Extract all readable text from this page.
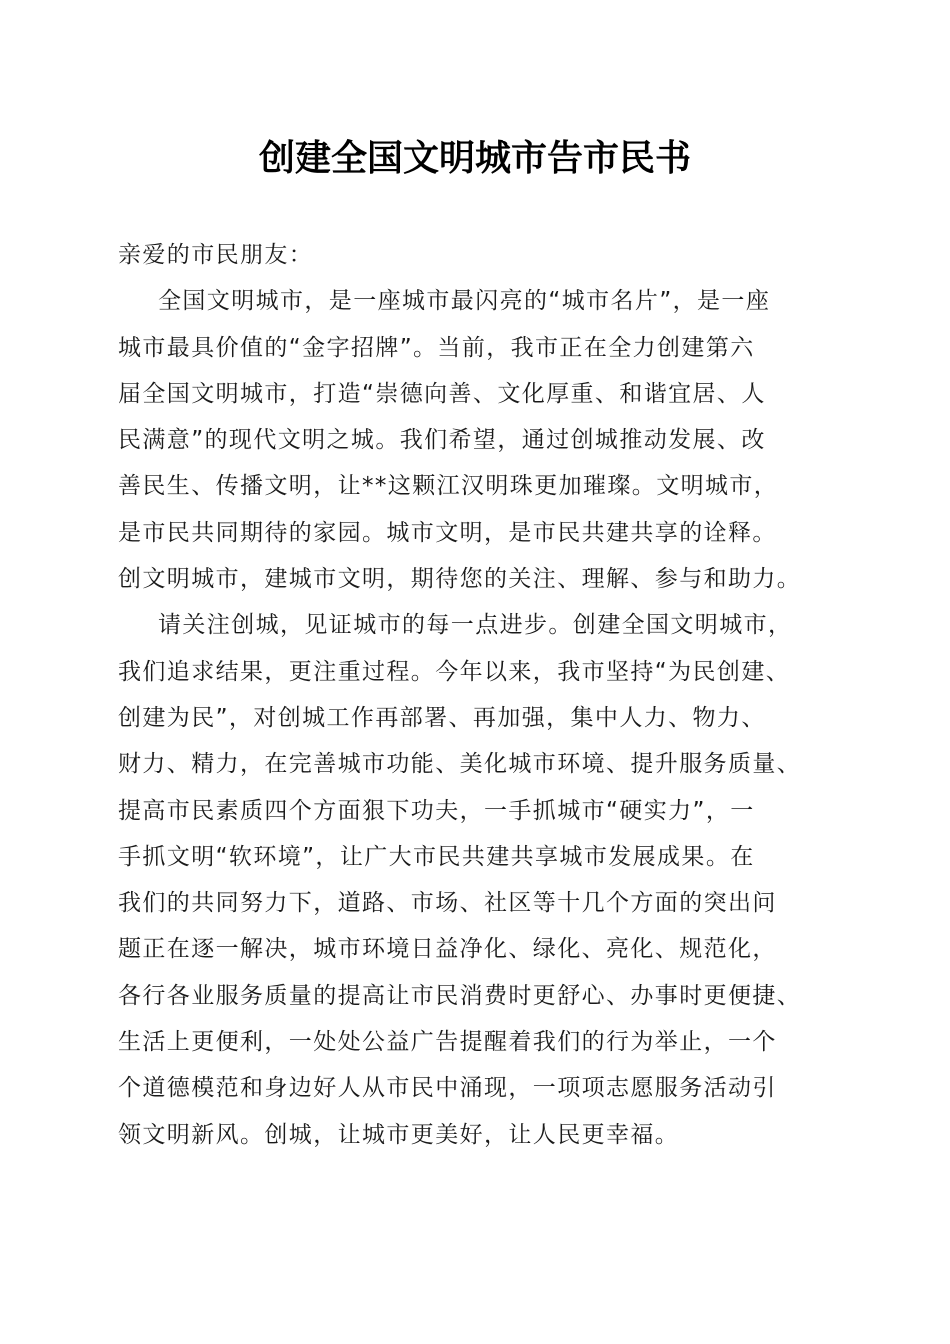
创建全国文明城市告市民书
亲爱的市民朋友：
全国文明城市，是一座城市最闪亮的“城市名片”，是一座
城市最具价值的“金字招牌”。当前，我市正在全力创建第六
届全国文明城市，打造“崇德向善、文化厚重、和谐宜居、人
民满意”的现代文明之城。我们希望，通过创城推动发展、改
善民生、传播文明，让**这颗江汉明珠更加璀璨。文明城市，
是市民共同期待的家园。城市文明，是市民共建共享的诠释。
创文明城市，建城市文明，期待您的关注、理解、参与和助力。
请关注创城，见证城市的每一点进步。创建全国文明城市，
我们追求结果，更注重过程。今年以来，我市坚持“为民创建、
创建为民”，对创城工作再部署、再加强，集中人力、物力、
财力、精力，在完善城市功能、美化城市环境、提升服务质量、
提高市民素质四个方面狠下功夫，一手抓城市“硬实力”，一
手抓文明“软环境”，让广大市民共建共享城市发展成果。在
我们的共同努力下，道路、市场、社区等十几个方面的突出问
题正在逐一解决，城市环境日益净化、绿化、亮化、规范化，
各行各业服务质量的提高让市民消费时更舒心、办事时更便捷、
生活上更便利，一处处公益广告提醒着我们的行为举止，一个
个道德模范和身边好人从市民中涌现，一项项志愿服务活动引
领文明新风。创城，让城市更美好，让人民更幸福。
